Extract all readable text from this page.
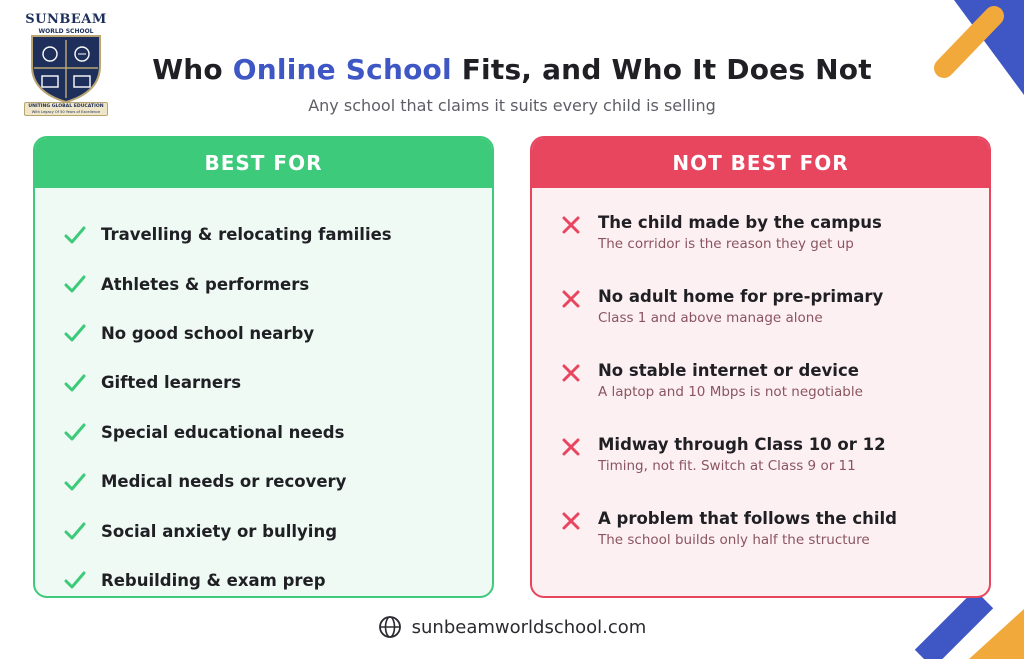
SUNBEAM
WORLD SCHOOL
UNITING GLOBAL EDUCATION
With Legacy Of 50 Years of Excellence
Who Online School Fits, and Who It Does Not
Any school that claims it suits every child is selling
BEST FOR
Travelling & relocating families
Athletes & performers
No good school nearby
Gifted learners
Special educational needs
Medical needs or recovery
Social anxiety or bullying
Rebuilding & exam prep
NOT BEST FOR
The child made by the campus
The corridor is the reason they get up
No adult home for pre-primary
Class 1 and above manage alone
No stable internet or device
A laptop and 10 Mbps is not negotiable
Midway through Class 10 or 12
Timing, not fit. Switch at Class 9 or 11
A problem that follows the child
The school builds only half the structure
sunbeamworldschool.com
